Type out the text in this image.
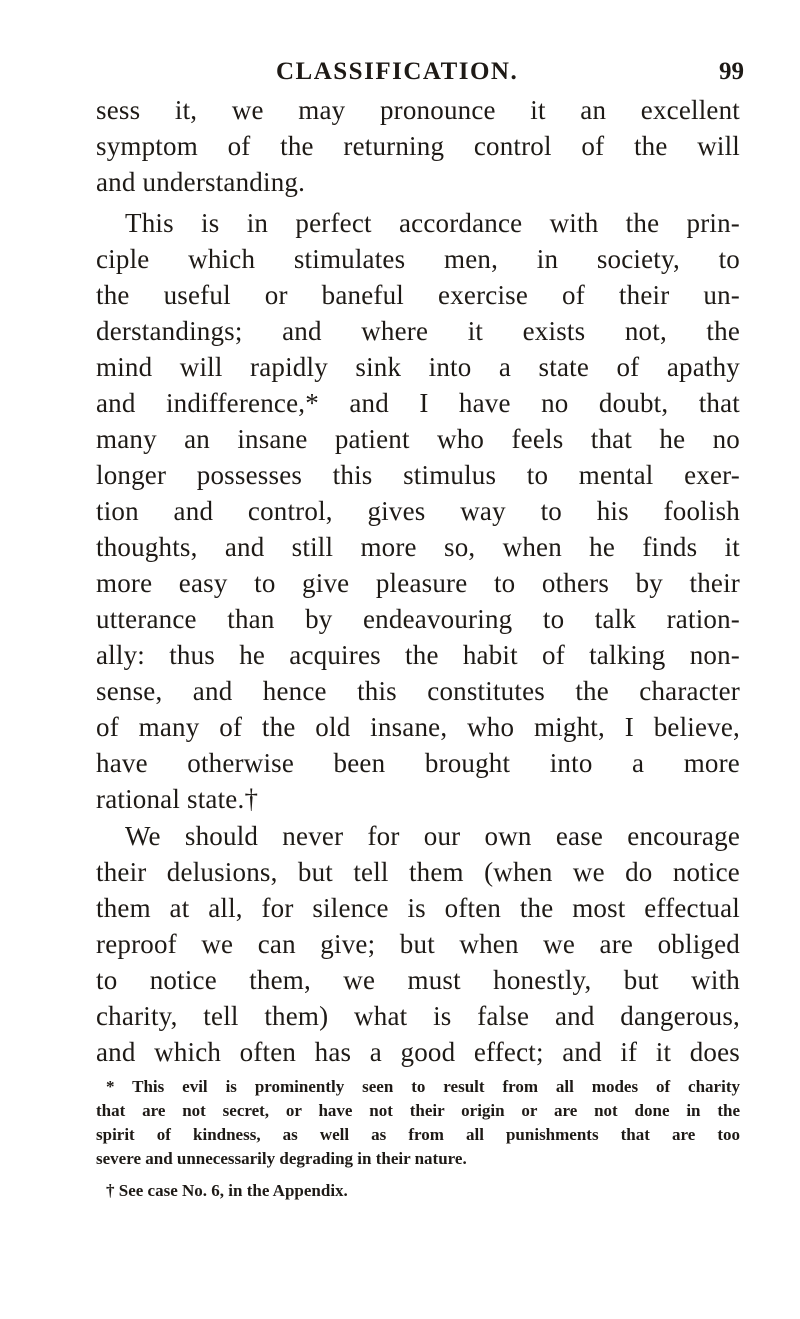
CLASSIFICATION.	99
sess it, we may pronounce it an excellent
symptom of the returning control of the will
and understanding.
This is in perfect accordance with the prin-
ciple which stimulates men, in society, to
the useful or baneful exercise of their un-
derstandings; and where it exists not, the
mind will rapidly sink into a state of apathy
and indifference,* and I have no doubt, that
many an insane patient who feels that he no
longer possesses this stimulus to mental exer-
tion and control, gives way to his foolish
thoughts, and still more so, when he finds it
more easy to give pleasure to others by their
utterance than by endeavouring to talk ration-
ally: thus he acquires the habit of talking non-
sense, and hence this constitutes the character
of many of the old insane, who might, I believe,
have otherwise been brought into a more
rational state.†
We should never for our own ease encourage
their delusions, but tell them (when we do notice
them at all, for silence is often the most effectual
reproof we can give; but when we are obliged
to notice them, we must honestly, but with
charity, tell them) what is false and dangerous,
and which often has a good effect; and if it does
* This evil is prominently seen to result from all modes of charity
that are not secret, or have not their origin or are not done in the
spirit of kindness, as well as from all punishments that are too
severe and unnecessarily degrading in their nature.
† See case No. 6, in the Appendix.
